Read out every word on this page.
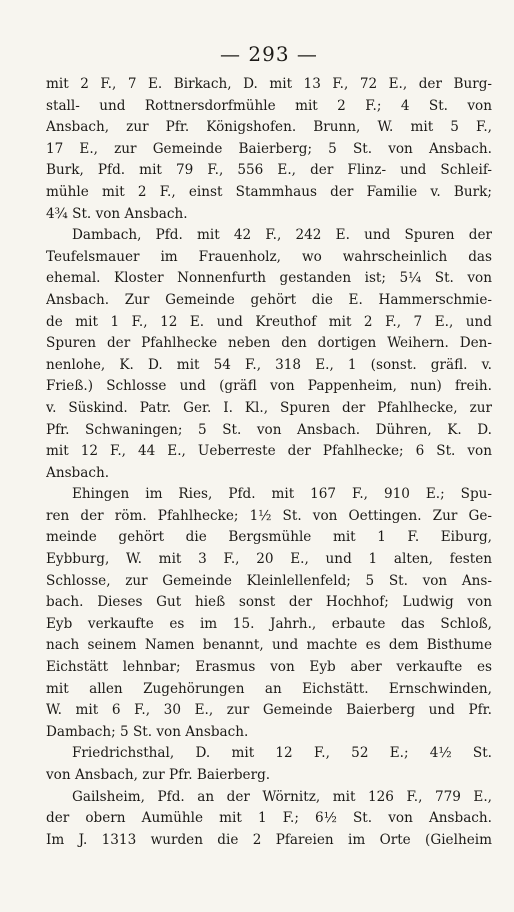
— 293 —
mit 2 F., 7 E. Birkach, D. mit 13 F., 72 E., der Burg-
stall- und Rottnersdorfmühle mit 2 F.; 4 St. von
Ansbach, zur Pfr. Königshofen. Brunn, W. mit 5 F.,
17 E., zur Gemeinde Baierberg; 5 St. von Ansbach.
Burk, Pfd. mit 79 F., 556 E., der Flinz- und Schleif-
mühle mit 2 F., einst Stammhaus der Familie v. Burk;
4¾ St. von Ansbach.
Dambach, Pfd. mit 42 F., 242 E. und Spuren der
Teufelsmauer im Frauenholz, wo wahrscheinlich das
ehemal. Kloster Nonnenfurth gestanden ist; 5¼ St. von
Ansbach. Zur Gemeinde gehört die E. Hammerschmie-
de mit 1 F., 12 E. und Kreuthof mit 2 F., 7 E., und
Spuren der Pfahlhecke neben den dortigen Weihern. Den-
nenlohe, K. D. mit 54 F., 318 E., 1 (sonst. gräfl. v.
Frieß.) Schlosse und (gräfl von Pappenheim, nun) freih.
v. Süskind. Patr. Ger. I. Kl., Spuren der Pfahlhecke, zur
Pfr. Schwaningen; 5 St. von Ansbach. Dühren, K. D.
mit 12 F., 44 E., Ueberreste der Pfahlhecke; 6 St. von
Ansbach.
Ehingen im Ries, Pfd. mit 167 F., 910 E.; Spu-
ren der röm. Pfahlhecke; 1½ St. von Oettingen. Zur Ge-
meinde gehört die Bergsmühle mit 1 F. Eiburg,
Eybburg, W. mit 3 F., 20 E., und 1 alten, festen
Schlosse, zur Gemeinde Kleinlellenfeld; 5 St. von Ans-
bach. Dieses Gut hieß sonst der Hochhof; Ludwig von
Eyb verkaufte es im 15. Jahrh., erbaute das Schloß,
nach seinem Namen benannt, und machte es dem Bisthume
Eichstätt lehnbar; Erasmus von Eyb aber verkaufte es
mit allen Zugehörungen an Eichstätt. Ernschwinden,
W. mit 6 F., 30 E., zur Gemeinde Baierberg und Pfr.
Dambach; 5 St. von Ansbach.
Friedrichsthal, D. mit 12 F., 52 E.; 4½ St.
von Ansbach, zur Pfr. Baierberg.
Gailsheim, Pfd. an der Wörnitz, mit 126 F., 779 E.,
der obern Aumühle mit 1 F.; 6½ St. von Ansbach.
Im J. 1313 wurden die 2 Pfareien im Orte (Gielheim
